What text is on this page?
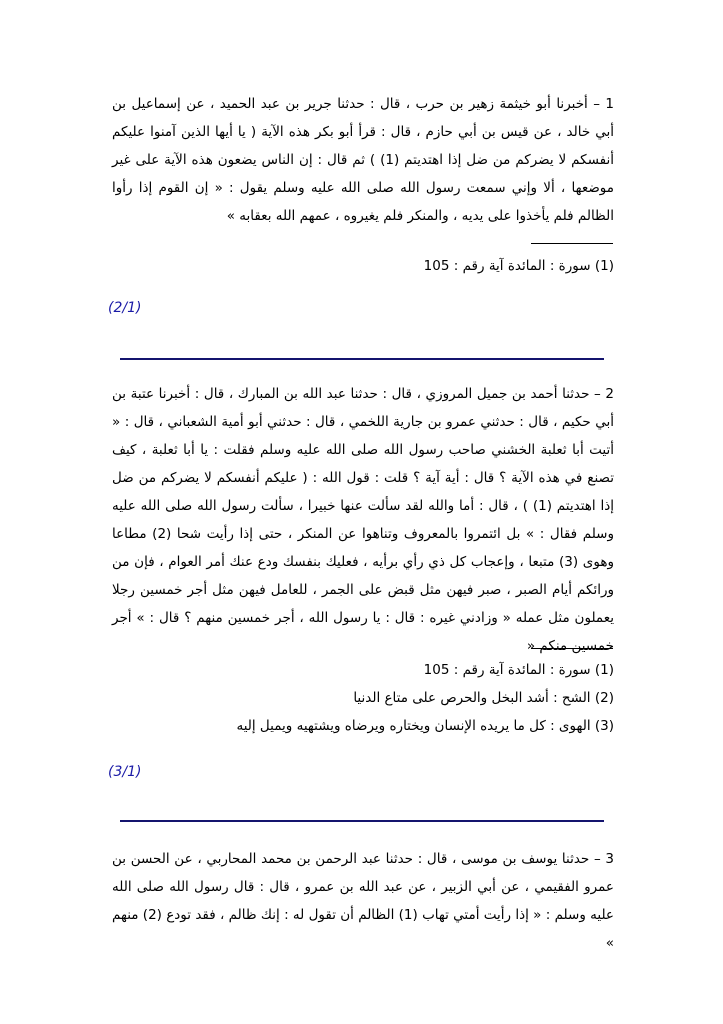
1 – أخبرنا أبو خيثمة زهير بن حرب ، قال : حدثنا جرير بن عبد الحميد ، عن إسماعيل بن أبي خالد ، عن قيس بن أبي حازم ، قال : قرأ أبو بكر هذه الآية ( يا أيها الذين آمنوا عليكم أنفسكم لا يضركم من ضل إذا اهتديتم (1) ) ثم قال : إن الناس يضعون هذه الآية على غير موضعها ، ألا وإني سمعت رسول الله صلى الله عليه وسلم يقول : « إن القوم إذا رأوا الظالم فلم يأخذوا على يديه ، والمنكر فلم يغيروه ، عمهم الله بعقابه »

(1) سورة : المائدة آية رقم : 105

(2/1)

2 – حدثنا أحمد بن جميل المروزي ، قال : حدثنا عبد الله بن المبارك ، قال : أخبرنا عتبة بن أبي حكيم ، قال : حدثني عمرو بن جارية اللخمي ، قال : حدثني أبو أمية الشعباني ، قال : « أتيت أبا ثعلبة الخشني صاحب رسول الله صلى الله عليه وسلم فقلت : يا أبا ثعلبة ، كيف تصنع في هذه الآية ؟ قال : أية آية ؟ قلت : قول الله : ( عليكم أنفسكم لا يضركم من ضل إذا اهتديتم (1) ) ، قال : أما والله لقد سألت عنها خبيرا ، سألت رسول الله صلى الله عليه وسلم فقال : » بل ائتمروا بالمعروف وتناهوا عن المنكر ، حتى إذا رأيت شحا (2) مطاعا وهوى (3) متبعا ، وإعجاب كل ذي رأي برأيه ، فعليك بنفسك ودع عنك أمر العوام ، فإن من ورائكم أيام الصبر ، صبر فيهن مثل قبض على الجمر ، للعامل فيهن مثل أجر خمسين رجلا يعملون مثل عمله « وزادني غيره : قال : يا رسول الله ، أجر خمسين منهم ؟ قال : » أجر خمسين منكم «

(1) سورة : المائدة آية رقم : 105

(2) الشح : أشد البخل والحرص على متاع الدنيا

(3) الهوى : كل ما يريده الإنسان ويختاره ويرضاه ويشتهيه ويميل إليه

(3/1)

3 – حدثنا يوسف بن موسى ، قال : حدثنا عبد الرحمن بن محمد المحاربي ، عن الحسن بن عمرو الفقيمي ، عن أبي الزبير ، عن عبد الله بن عمرو ، قال : قال رسول الله صلى الله عليه وسلم : « إذا رأيت أمتي تهاب (1) الظالم أن تقول له : إنك ظالم ، فقد تودع (2) منهم »
